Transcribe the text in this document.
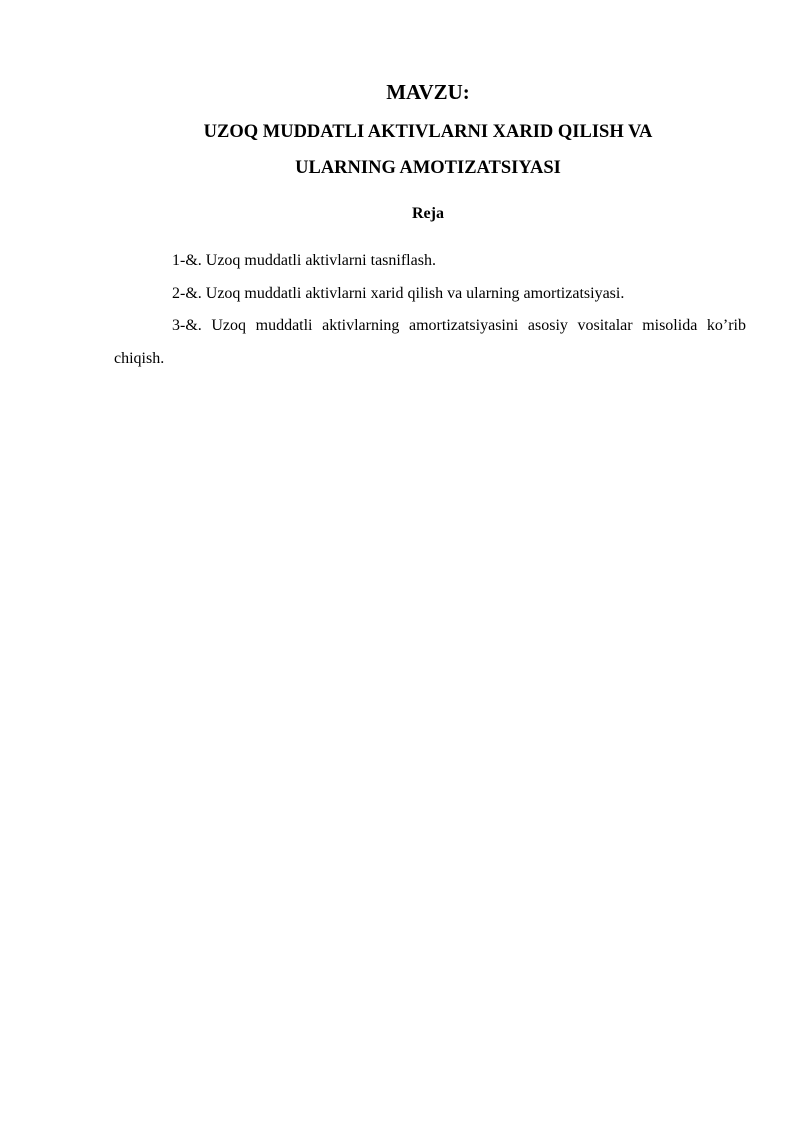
MAVZU:
UZOQ MUDDATLI AKTIVLARNI XARID QILISH VA
ULARNING AMOTIZATSIYASI
Reja
1-&. Uzoq muddatli aktivlarni tasniflash.
2-&. Uzoq muddatli aktivlarni xarid qilish va ularning amortizatsiyasi.
3-&. Uzoq muddatli aktivlarning amortizatsiyasini asosiy vositalar misolida ko’rib chiqish.
